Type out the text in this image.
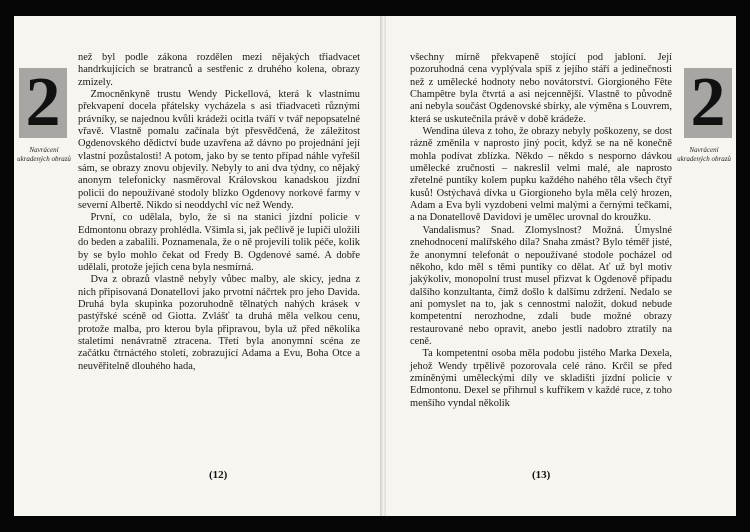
2
Navrácení ukradených obrazů

než byl podle zákona rozdělen mezi nějakých třiadvacet handrkujících se bratranců a sestřenic z druhého kolena, obrazy zmizely.

Zmocněnkyně trustu Wendy Pickellová, která k vlastnímu překvapení docela přátelsky vycházela s asi třiadvaceti různými právníky, se najednou kvůli krádeži ocitla tváří v tvář nepopsatelné vřavě. Vlastně pomalu začínala být přesvědčená, že záležitost Ogdenovského dědictví bude uzavřena až dávno po projednání její vlastní pozůstalosti! A potom, jako by se tento případ náhle vyřešil sám, se obrazy znovu objevily. Nebyly to ani dva týdny, co nějaký anonym telefonicky nasměroval Královskou kanadskou jízdní policii do nepoužívané stodoly blízko Ogdenovy norkové farmy v severní Albertě. Nikdo si neoddychl víc než Wendy.

První, co udělala, bylo, že si na stanici jízdní policie v Edmontonu obrazy prohlédla. Všimla si, jak pečlivě je lupiči uložili do beden a zabalili. Poznamenala, že o ně projevili tolik péče, kolik by se bylo mohlo čekat od Fredy B. Ogdenové samé. A dobře udělali, protože jejich cena byla nesmírná.

Dva z obrazů vlastně nebyly vůbec malby, ale skicy, jedna z nich připisovaná Donatellovi jako prvotní náčrtek pro jeho Davida. Druhá byla skupinka pozoruhodně tělnatých nahých krásek v pastýřské scéně od Giotta. Zvlášť ta druhá měla velkou cenu, protože malba, pro kterou byla připravou, byla už před několika staletími nenávratně ztracena. Třetí byla anonymní scéna ze začátku čtrnáctého století, zobrazující Adama a Evu, Boha Otce a neuvěřitelně dlouhého hada,

(12)

všechny mírně překvapeně stojící pod jabloní. Její pozoruhodná cena vyplývala spíš z jejího stáří a jedinečnosti než z umělecké hodnoty nebo novátorství. Giorgioného Fête Champêtre byla čtvrtá a asi nejcennější. Vlastně to původně ani nebyla součást Ogdenovské sbírky, ale výměna s Louvrem, která se uskutečnila právě v době krádeže.

Wendina úleva z toho, že obrazy nebyly poškozeny, se dost rázně změnila v naprosto jiný pocit, když se na ně konečně mohla podívat zblízka. Někdo – někdo s nesporno dávkou umělecké zručnosti – nakreslil velmi malé, ale naprosto zřetelné puntíky kolem pupku každého nahého těla všech čtyř kusů! Ostýchavá dívka u Giorgioneho byla měla celý hrozen, Adam a Eva byli vyzdobeni velmi malými a černými tečkami, a na Donatellově Davidovi je umělec urovnal do kroužku.

Vandalismus? Snad. Zlomyslnost? Možná. Úmyslné znehodnocení malířského díla? Snaha zmást? Bylo téměř jisté, že anonymní telefonát o nepoužívané stodole pocházel od někoho, kdo měl s těmi puntíky co dělat. Ať už byl motiv jakýkoliv, monopolní trust musel přizvat k Ogdenově případu dalšího konzultanta, čímž došlo k dalšímu zdržení. Nedalo se ani pomyslet na to, jak s cennostmi naložit, dokud nebude kompetentní nerozhodne, zdali bude možné obrazy restaurované nebo opravit, anebo jestli nadobro ztratily na ceně.

Ta kompetentní osoba měla podobu jistého Marka Dexela, jehož Wendy trpělivě pozorovala celé ráno. Krčil se před zmíněnými uměleckými díly ve skladišti jízdní policie v Edmontonu. Dexel se přihrnul s kufříkem v každé ruce, z toho menšího vyndal několik

2
Navrácení ukradených obrazů
(13)
